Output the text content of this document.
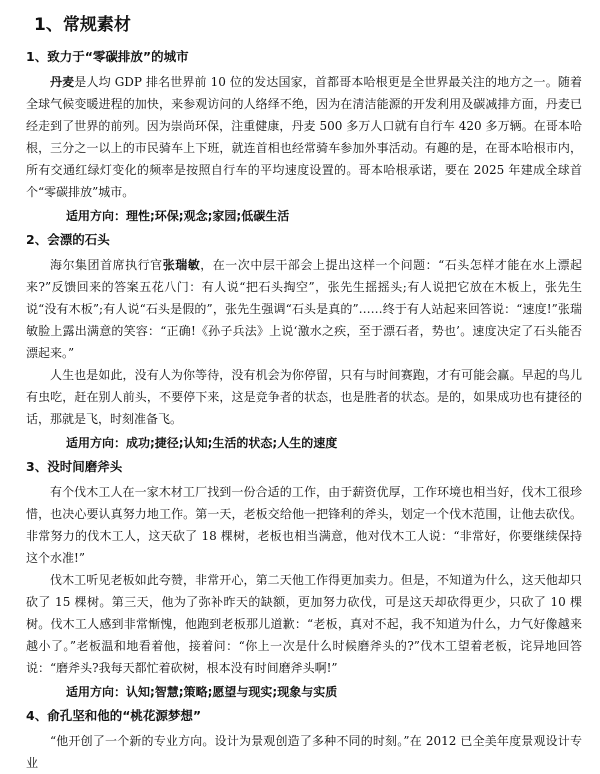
1、常规素材
1、致力于“零碳排放”的城市

丹麦是人均 GDP 排名世界前 10 位的发达国家，首都哥本哈根更是全世界最关注的地方之一。随着全球气候变暖进程的加快，来参观访问的人络绎不绝，因为在清洁能源的开发利用及碳减排方面，丹麦已经走到了世界的前列。因为崇尚环保，注重健康，丹麦 500 多万人口就有自行车 420 多万辆。在哥本哈根，三分之一以上的市民骑车上下班，就连首相也经常骑车参加外事活动。有趣的是，在哥本哈根市内，所有交通红绿灯变化的频率是按照自行车的平均速度设置的。哥本哈根承诺，要在 2025 年建成全球首个“零碳排放”城市。

适用方向：理性;环保;观念;家园;低碳生活
2、会漂的石头

海尔集团首席执行官张瑞敏，在一次中层干部会上提出这样一个问题：“石头怎样才能在水上漂起来?”反馈回来的答案五花八门：有人说“把石头掏空”，张先生摇摇头;有人说把它放在木板上，张先生说“没有木板”;有人说“石头是假的”，张先生强调“石头是真的”……终于有人站起来回答说：“速度!”张瑞敏脸上露出满意的笑容：“正确!《孙子兵法》上说‘激水之疾，至于漂石者，势也’。速度决定了石头能否漂起来。”

人生也是如此，没有人为你等待，没有机会为你停留，只有与时间赛跑，才有可能会赢。早起的鸟儿有虫吃，赶在别人前头，不要停下来，这是竞争者的状态，也是胜者的状态。是的，如果成功也有捷径的话，那就是飞，时刻准备飞。

适用方向：成功;捷径;认知;生活的状态;人生的速度
3、没时间磨斧头

有个伐木工人在一家木材工厂找到一份合适的工作，由于薪资优厚，工作环境也相当好，伐木工很珍惜，也决心要认真努力地工作。第一天，老板交给他一把锋利的斧头，划定一个伐木范围，让他去砍伐。非常努力的伐木工人，这天砍了 18 棵树，老板也相当满意，他对伐木工人说：“非常好，你要继续保持这个水准!”

伐木工听见老板如此夸赞，非常开心，第二天他工作得更加卖力。但是，不知道为什么，这天他却只砍了 15 棵树。第三天，他为了弥补昨天的缺额，更加努力砍伐，可是这天却砍得更少，只砍了 10 棵树。伐木工人感到非常惭愧，他跑到老板那儿道歉：“老板，真对不起，我不知道为什么，力气好像越来越小了。”老板温和地看着他，接着问：“你上一次是什么时候磨斧头的?”伐木工望着老板，诧异地回答说：“磨斧头?我每天都忙着砍树，根本没有时间磨斧头啊!”

适用方向：认知;智慧;策略;愿望与现实;现象与实质
4、俞孔坚和他的“桃花源梦想”

“他开创了一个新的专业方向。设计为景观创造了多种不同的时刻。”在 2012 已全美年度景观设计专业
